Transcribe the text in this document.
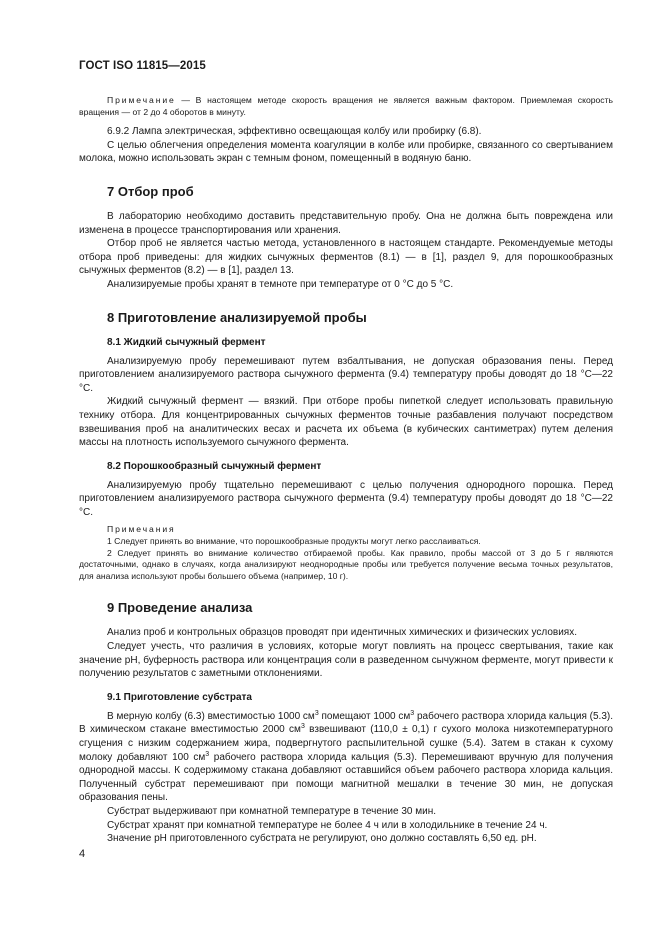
ГОСТ ISO 11815—2015

Примечание — В настоящем методе скорость вращения не является важным фактором. Приемлемая скорость вращения — от 2 до 4 оборотов в минуту.

6.9.2 Лампа электрическая, эффективно освещающая колбу или пробирку (6.8).

С целью облегчения определения момента коагуляции в колбе или пробирке, связанного со свертыванием молока, можно использовать экран с темным фоном, помещенный в водяную баню.

7 Отбор проб

В лабораторию необходимо доставить представительную пробу. Она не должна быть повреждена или изменена в процессе транспортирования или хранения.

Отбор проб не является частью метода, установленного в настоящем стандарте. Рекомендуемые методы отбора проб приведены: для жидких сычужных ферментов (8.1) — в [1], раздел 9, для порошкообразных сычужных ферментов (8.2) — в [1], раздел 13.

Анализируемые пробы хранят в темноте при температуре от 0 °С до 5 °С.

8 Приготовление анализируемой пробы
8.1 Жидкий сычужный фермент

Анализируемую пробу перемешивают путем взбалтывания, не допуская образования пены. Перед приготовлением анализируемого раствора сычужного фермента (9.4) температуру пробы доводят до 18 °С—22 °С.

Жидкий сычужный фермент — вязкий. При отборе пробы пипеткой следует использовать правильную технику отбора. Для концентрированных сычужных ферментов точные разбавления получают посредством взвешивания проб на аналитических весах и расчета их объема (в кубических сантиметрах) путем деления массы на плотность используемого сычужного фермента.

8.2 Порошкообразный сычужный фермент

Анализируемую пробу тщательно перемешивают с целью получения однородного порошка. Перед приготовлением анализируемого раствора сычужного фермента (9.4) температуру пробы доводят до 18 °С—22 °С.

Примечания

1 Следует принять во внимание, что порошкообразные продукты могут легко расслаиваться.

2 Следует принять во внимание количество отбираемой пробы. Как правило, пробы массой от 3 до 5 г являются достаточными, однако в случаях, когда анализируют неоднородные пробы или требуется получение весьма точных результатов, для анализа используют пробы большего объема (например, 10 г).

9 Проведение анализа

Анализ проб и контрольных образцов проводят при идентичных химических и физических условиях.

Следует учесть, что различия в условиях, которые могут повлиять на процесс свертывания, такие как значение рН, буферность раствора или концентрация соли в разведенном сычужном ферменте, могут привести к получению результатов с заметными отклонениями.

9.1 Приготовление субстрата

В мерную колбу (6.3) вместимостью 1000 $см^3$ помещают 1000 $см^3$ рабочего раствора хлорида кальция (5.3). В химическом стакане вместимостью 2000 $см^3$ взвешивают (110,0 ± 0,1) г сухого молока низкотемпературного сгущения с низким содержанием жира, подвергнутого распылительной сушке (5.4). Затем в стакан к сухому молоку добавляют 100 $см^3$ рабочего раствора хлорида кальция (5.3). Перемешивают вручную для получения однородной массы. К содержимому стакана добавляют оставшийся объем рабочего раствора хлорида кальция. Полученный субстрат перемешивают при помощи магнитной мешалки в течение 30 мин, не допуская образования пены.

Субстрат выдерживают при комнатной температуре в течение 30 мин.

Субстрат хранят при комнатной температуре не более 4 ч или в холодильнике в течение 24 ч.

Значение рН приготовленного субстрата не регулируют, оно должно составлять 6,50 ед. рН.

4
